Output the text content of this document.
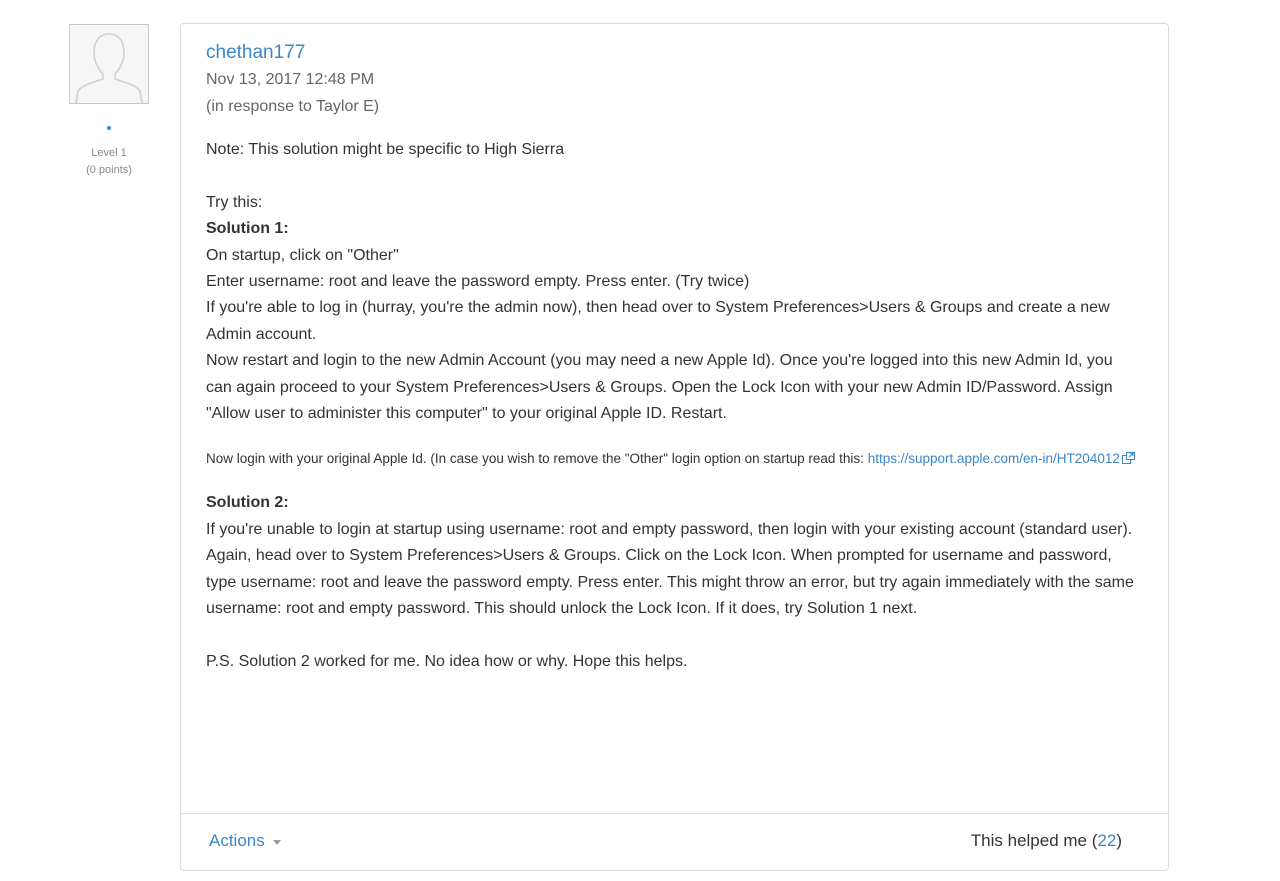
Level 1
(0 points)
chethan177
Nov 13, 2017 12:48 PM
(in response to Taylor E)

Note: This solution might be specific to High Sierra

Try this:

Solution 1:

On startup, click on "Other"

Enter username: root and leave the password empty. Press enter. (Try twice)

If you're able to log in (hurray, you're the admin now), then head over to System Preferences>Users & Groups and create a new Admin account.

Now restart and login to the new Admin Account (you may need a new Apple Id). Once you're logged into this new Admin Id, you can again proceed to your System Preferences>Users & Groups. Open the Lock Icon with your new Admin ID/Password. Assign "Allow user to administer this computer" to your original Apple ID. Restart.

Now login with your original Apple Id. (In case you wish to remove the "Other" login option on startup read this: https://support.apple.com/en-in/HT204012

Solution 2:

If you're unable to login at startup using username: root and empty password, then login with your existing account (standard user).

Again, head over to System Preferences>Users & Groups. Click on the Lock Icon. When prompted for username and password, type username: root and leave the password empty. Press enter. This might throw an error, but try again immediately with the same username: root and empty password. This should unlock the Lock Icon. If it does, try Solution 1 next.

P.S. Solution 2 worked for me. No idea how or why. Hope this helps.

Actions	This helped me (22)
